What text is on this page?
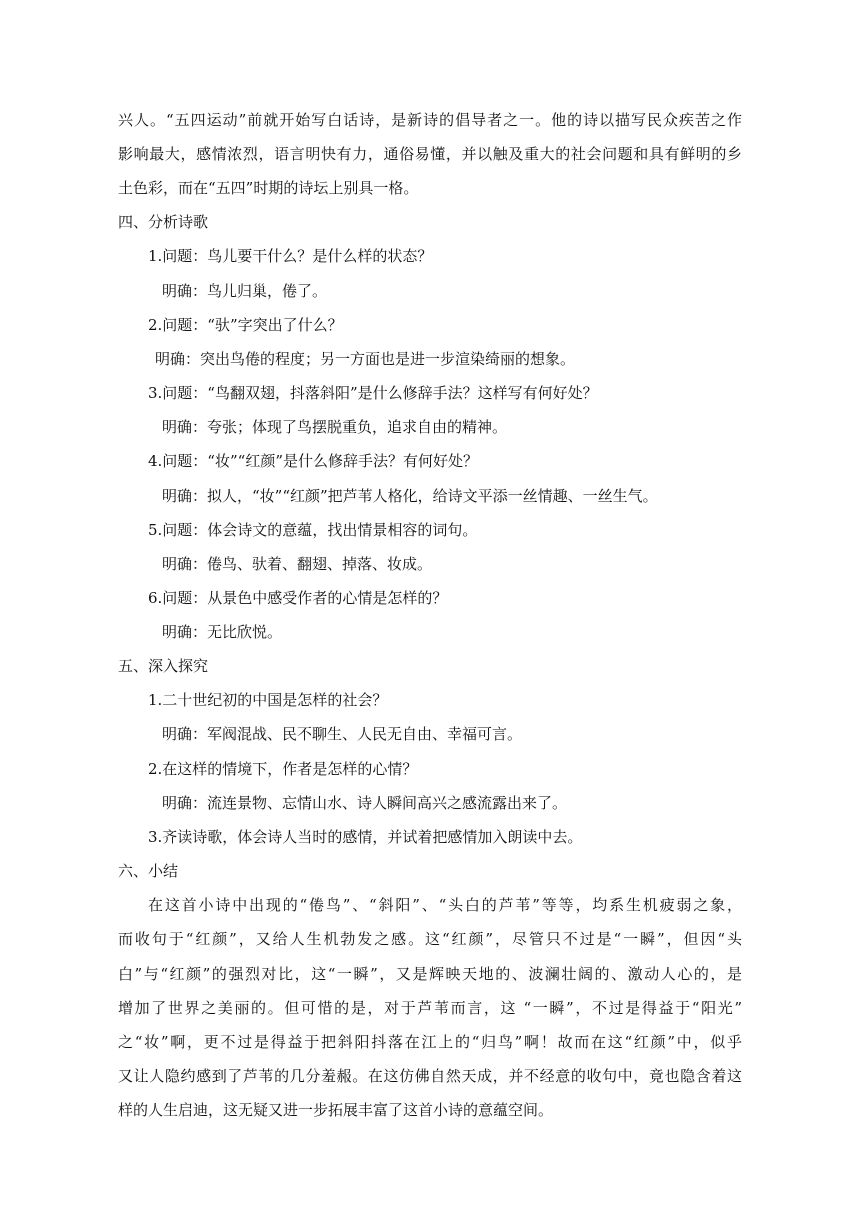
兴人。“五四运动”前就开始写白话诗，是新诗的倡导者之一。他的诗以描写民众疾苦之作
影响最大，感情浓烈，语言明快有力，通俗易懂，并以触及重大的社会问题和具有鲜明的乡
土色彩，而在“五四”时期的诗坛上别具一格。
四、分析诗歌
1.问题：鸟儿要干什么？是什么样的状态？
明确：鸟儿归巢，倦了。
2.问题：“驮”字突出了什么？
明确：突出鸟倦的程度；另一方面也是进一步渲染绮丽的想象。
3.问题：“鸟翻双翅，抖落斜阳”是什么修辞手法？这样写有何好处？
明确：夸张；体现了鸟摆脱重负，追求自由的精神。
4.问题：“妆”“红颜”是什么修辞手法？有何好处？
明确：拟人，“妆”“红颜”把芦苇人格化，给诗文平添一丝情趣、一丝生气。
5.问题：体会诗文的意蕴，找出情景相容的词句。
明确：倦鸟、驮着、翻翅、掉落、妆成。
6.问题：从景色中感受作者的心情是怎样的？
明确：无比欣悦。
五、深入探究
1.二十世纪初的中国是怎样的社会？
明确：军阀混战、民不聊生、人民无自由、幸福可言。
2.在这样的情境下，作者是怎样的心情？
明确：流连景物、忘情山水、诗人瞬间高兴之感流露出来了。
3.齐读诗歌，体会诗人当时的感情，并试着把感情加入朗读中去。
六、小结
在这首小诗中出现的“倦鸟”、“斜阳”、“头白的芦苇”等等，均系生机疲弱之象，
而收句于“红颜”，又给人生机勃发之感。这“红颜”，尽管只不过是“一瞬”，但因“头
白”与“红颜”的强烈对比，这“一瞬”，又是辉映天地的、波澜壮阔的、激动人心的，是
增加了世界之美丽的。但可惜的是，对于芦苇而言，这 “一瞬”，不过是得益于“阳光”
之“妆”啊，更不过是得益于把斜阳抖落在江上的“归鸟”啊！故而在这“红颜”中，似乎
又让人隐约感到了芦苇的几分羞赧。在这仿佛自然天成，并不经意的收句中，竟也隐含着这
样的人生启迪，这无疑又进一步拓展丰富了这首小诗的意蕴空间。
